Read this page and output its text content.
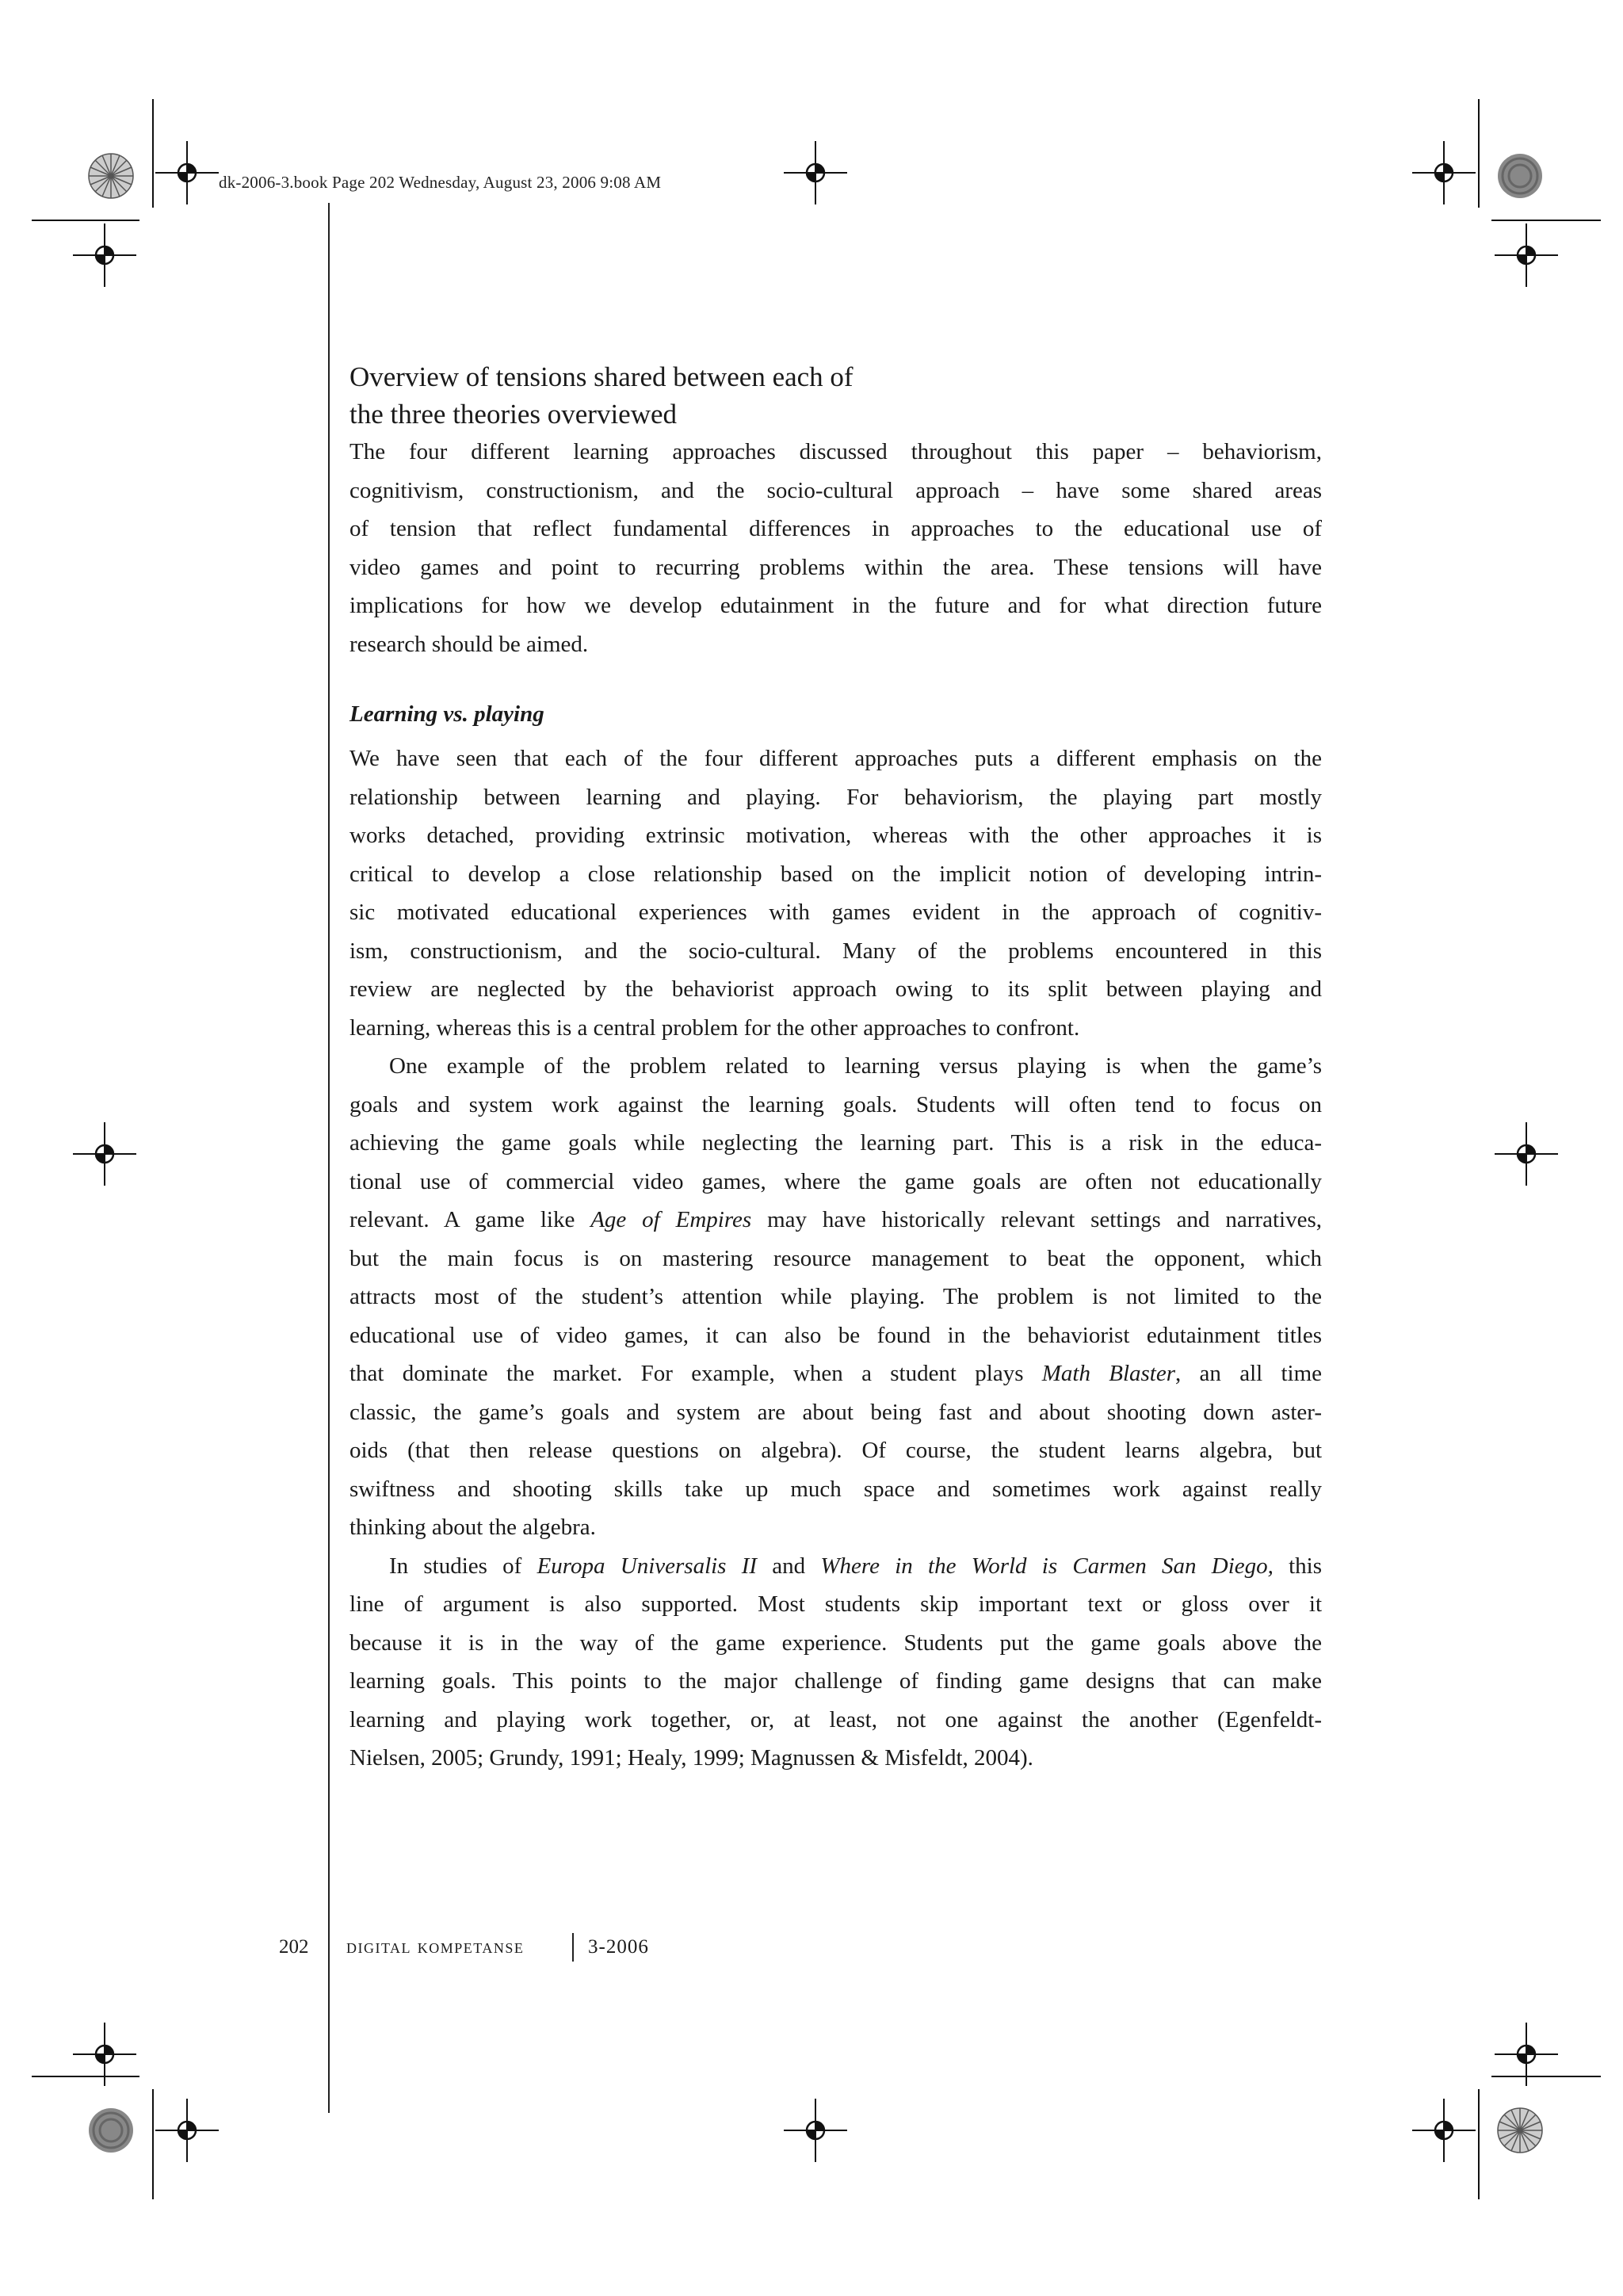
dk-2006-3.book Page 202 Wednesday, August 23, 2006 9:08 AM
Overview of tensions shared between each of
the three theories overviewed
The four different learning approaches discussed throughout this paper – behaviorism,
cognitivism, constructionism, and the socio-cultural approach – have some shared areas
of tension that reflect fundamental differences in approaches to the educational use of
video games and point to recurring problems within the area. These tensions will have
implications for how we develop edutainment in the future and for what direction future
research should be aimed.
Learning vs. playing
We have seen that each of the four different approaches puts a different emphasis on the
relationship between learning and playing. For behaviorism, the playing part mostly
works detached, providing extrinsic motivation, whereas with the other approaches it is
critical to develop a close relationship based on the implicit notion of developing intrin-
sic motivated educational experiences with games evident in the approach of cognitiv-
ism, constructionism, and the socio-cultural. Many of the problems encountered in this
review are neglected by the behaviorist approach owing to its split between playing and
learning, whereas this is a central problem for the other approaches to confront.
One example of the problem related to learning versus playing is when the game’s
goals and system work against the learning goals. Students will often tend to focus on
achieving the game goals while neglecting the learning part. This is a risk in the educa-
tional use of commercial video games, where the game goals are often not educationally
relevant. A game like Age of Empires may have historically relevant settings and narratives,
but the main focus is on mastering resource management to beat the opponent, which
attracts most of the student’s attention while playing. The problem is not limited to the
educational use of video games, it can also be found in the behaviorist edutainment titles
that dominate the market. For example, when a student plays Math Blaster, an all time
classic, the game’s goals and system are about being fast and about shooting down aster-
oids (that then release questions on algebra). Of course, the student learns algebra, but
swiftness and shooting skills take up much space and sometimes work against really
thinking about the algebra.
In studies of Europa Universalis II and Where in the World is Carmen San Diego, this
line of argument is also supported. Most students skip important text or gloss over it
because it is in the way of the game experience. Students put the game goals above the
learning goals. This points to the major challenge of finding game designs that can make
learning and playing work together, or, at least, not one against the another (Egenfeldt-
Nielsen, 2005; Grundy, 1991; Healy, 1999; Magnussen & Misfeldt, 2004).
202 digital kompetanse	3-2006
